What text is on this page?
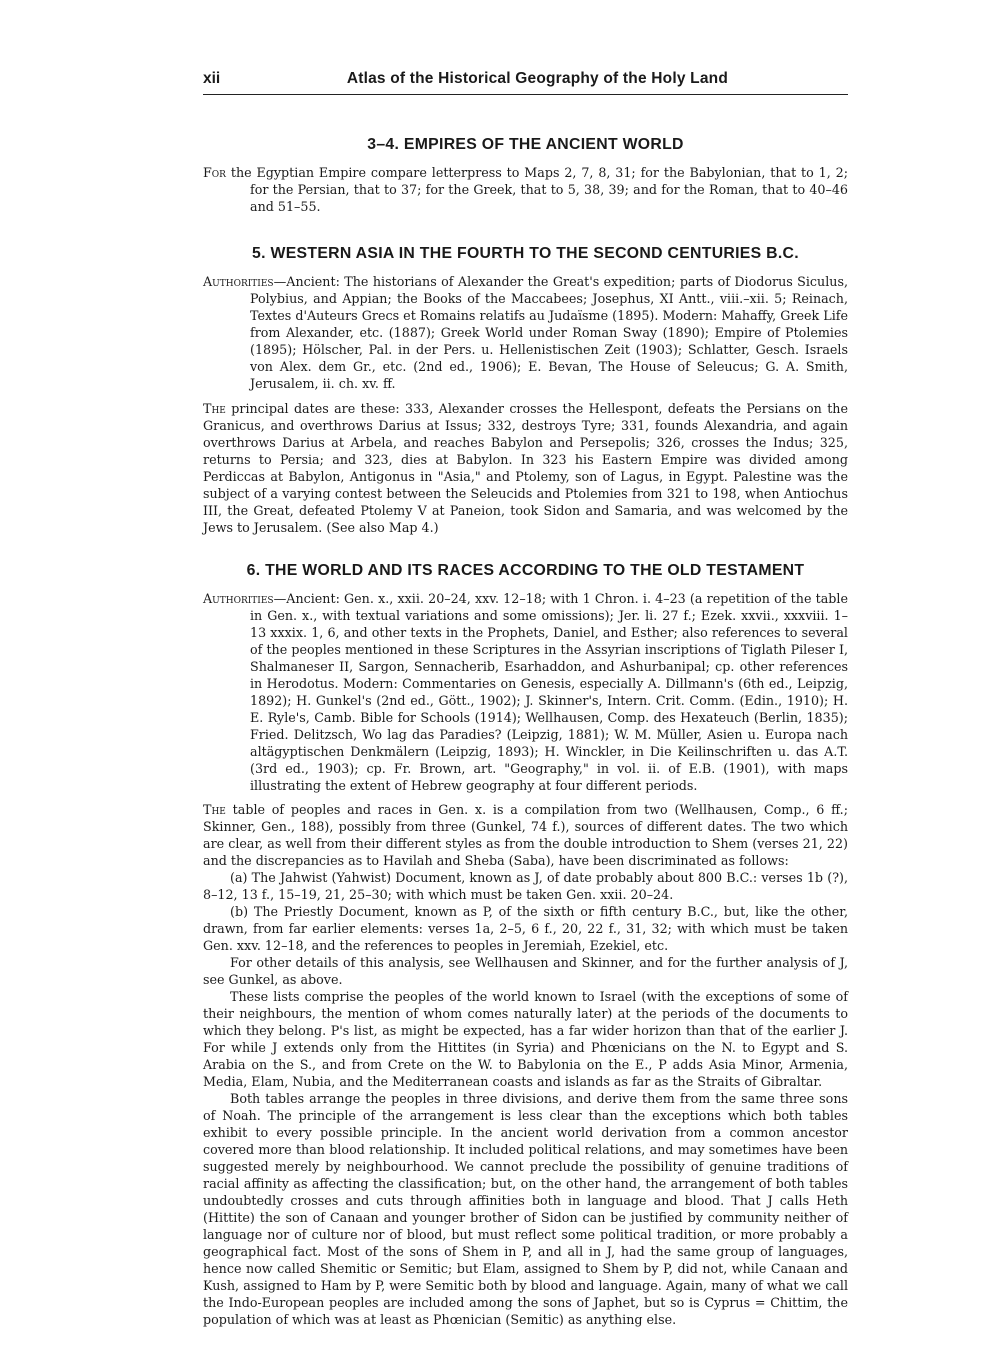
xii	Atlas of the Historical Geography of the Holy Land
3–4. EMPIRES OF THE ANCIENT WORLD

For the Egyptian Empire compare letterpress to Maps 2, 7, 8, 31; for the Babylonian, that to 1, 2; for the Persian, that to 37; for the Greek, that to 5, 38, 39; and for the Roman, that to 40–46 and 51–55.

5. WESTERN ASIA IN THE FOURTH TO THE SECOND CENTURIES B.C.

Authorities—Ancient: The historians of Alexander the Great's expedition; parts of Diodorus Siculus, Polybius, and Appian; the Books of the Maccabees; Josephus, XI Antt., viii.–xii. 5; Reinach, Textes d'Auteurs Grecs et Romains relatifs au Judaïsme (1895). Modern: Mahaffy, Greek Life from Alexander, etc. (1887); Greek World under Roman Sway (1890); Empire of Ptolemies (1895); Hölscher, Pal. in der Pers. u. Hellenistischen Zeit (1903); Schlatter, Gesch. Israels von Alex. dem Gr., etc. (2nd ed., 1906); E. Bevan, The House of Seleucus; G. A. Smith, Jerusalem, ii. ch. xv. ff.

The principal dates are these: 333, Alexander crosses the Hellespont, defeats the Persians on the Granicus, and overthrows Darius at Issus; 332, destroys Tyre; 331, founds Alexandria, and again overthrows Darius at Arbela, and reaches Babylon and Persepolis; 326, crosses the Indus; 325, returns to Persia; and 323, dies at Babylon. In 323 his Eastern Empire was divided among Perdiccas at Babylon, Antigonus in "Asia," and Ptolemy, son of Lagus, in Egypt. Palestine was the subject of a varying contest between the Seleucids and Ptolemies from 321 to 198, when Antiochus III, the Great, defeated Ptolemy V at Paneion, took Sidon and Samaria, and was welcomed by the Jews to Jerusalem. (See also Map 4.)

6. THE WORLD AND ITS RACES ACCORDING TO THE OLD TESTAMENT

Authorities—Ancient: Gen. x., xxii. 20–24, xxv. 12–18; with 1 Chron. i. 4–23 (a repetition of the table in Gen. x., with textual variations and some omissions); Jer. li. 27 f.; Ezek. xxvii., xxxviii. 1–13 xxxix. 1, 6, and other texts in the Prophets, Daniel, and Esther; also references to several of the peoples mentioned in these Scriptures in the Assyrian inscriptions of Tiglath Pileser I, Shalmaneser II, Sargon, Sennacherib, Esarhaddon, and Ashurbanipal; cp. other references in Herodotus. Modern: Commentaries on Genesis, especially A. Dillmann's (6th ed., Leipzig, 1892); H. Gunkel's (2nd ed., Gött., 1902); J. Skinner's, Intern. Crit. Comm. (Edin., 1910); H. E. Ryle's, Camb. Bible for Schools (1914); Wellhausen, Comp. des Hexateuch (Berlin, 1835); Fried. Delitzsch, Wo lag das Paradies? (Leipzig, 1881); W. M. Müller, Asien u. Europa nach altägyptischen Denkmälern (Leipzig, 1893); H. Winckler, in Die Keilinschriften u. das A.T. (3rd ed., 1903); cp. Fr. Brown, art. "Geography," in vol. ii. of E.B. (1901), with maps illustrating the extent of Hebrew geography at four different periods.

The table of peoples and races in Gen. x. is a compilation from two (Wellhausen, Comp., 6 ff.; Skinner, Gen., 188), possibly from three (Gunkel, 74 f.), sources of different dates. The two which are clear, as well from their different styles as from the double introduction to Shem (verses 21, 22) and the discrepancies as to Havilah and Sheba (Saba), have been discriminated as follows:

(a) The Jahwist (Yahwist) Document, known as J, of date probably about 800 B.C.: verses 1b (?), 8–12, 13 f., 15–19, 21, 25–30; with which must be taken Gen. xxii. 20–24.

(b) The Priestly Document, known as P, of the sixth or fifth century B.C., but, like the other, drawn, from far earlier elements: verses 1a, 2–5, 6 f., 20, 22 f., 31, 32; with which must be taken Gen. xxv. 12–18, and the references to peoples in Jeremiah, Ezekiel, etc.

For other details of this analysis, see Wellhausen and Skinner, and for the further analysis of J, see Gunkel, as above.

These lists comprise the peoples of the world known to Israel (with the exceptions of some of their neighbours, the mention of whom comes naturally later) at the periods of the documents to which they belong. P's list, as might be expected, has a far wider horizon than that of the earlier J. For while J extends only from the Hittites (in Syria) and Phœnicians on the N. to Egypt and S. Arabia on the S., and from Crete on the W. to Babylonia on the E., P adds Asia Minor, Armenia, Media, Elam, Nubia, and the Mediterranean coasts and islands as far as the Straits of Gibraltar.

Both tables arrange the peoples in three divisions, and derive them from the same three sons of Noah. The principle of the arrangement is less clear than the exceptions which both tables exhibit to every possible principle. In the ancient world derivation from a common ancestor covered more than blood relationship. It included political relations, and may sometimes have been suggested merely by neighbourhood. We cannot preclude the possibility of genuine traditions of racial affinity as affecting the classification; but, on the other hand, the arrangement of both tables undoubtedly crosses and cuts through affinities both in language and blood. That J calls Heth (Hittite) the son of Canaan and younger brother of Sidon can be justified by community neither of language nor of culture nor of blood, but must reflect some political tradition, or more probably a geographical fact. Most of the sons of Shem in P, and all in J, had the same group of languages, hence now called Shemitic or Semitic; but Elam, assigned to Shem by P, did not, while Canaan and Kush, assigned to Ham by P, were Semitic both by blood and language. Again, many of what we call the Indo-European peoples are included among the sons of Japhet, but so is Cyprus = Chittim, the population of which was at least as Phœnician (Semitic) as anything else.
